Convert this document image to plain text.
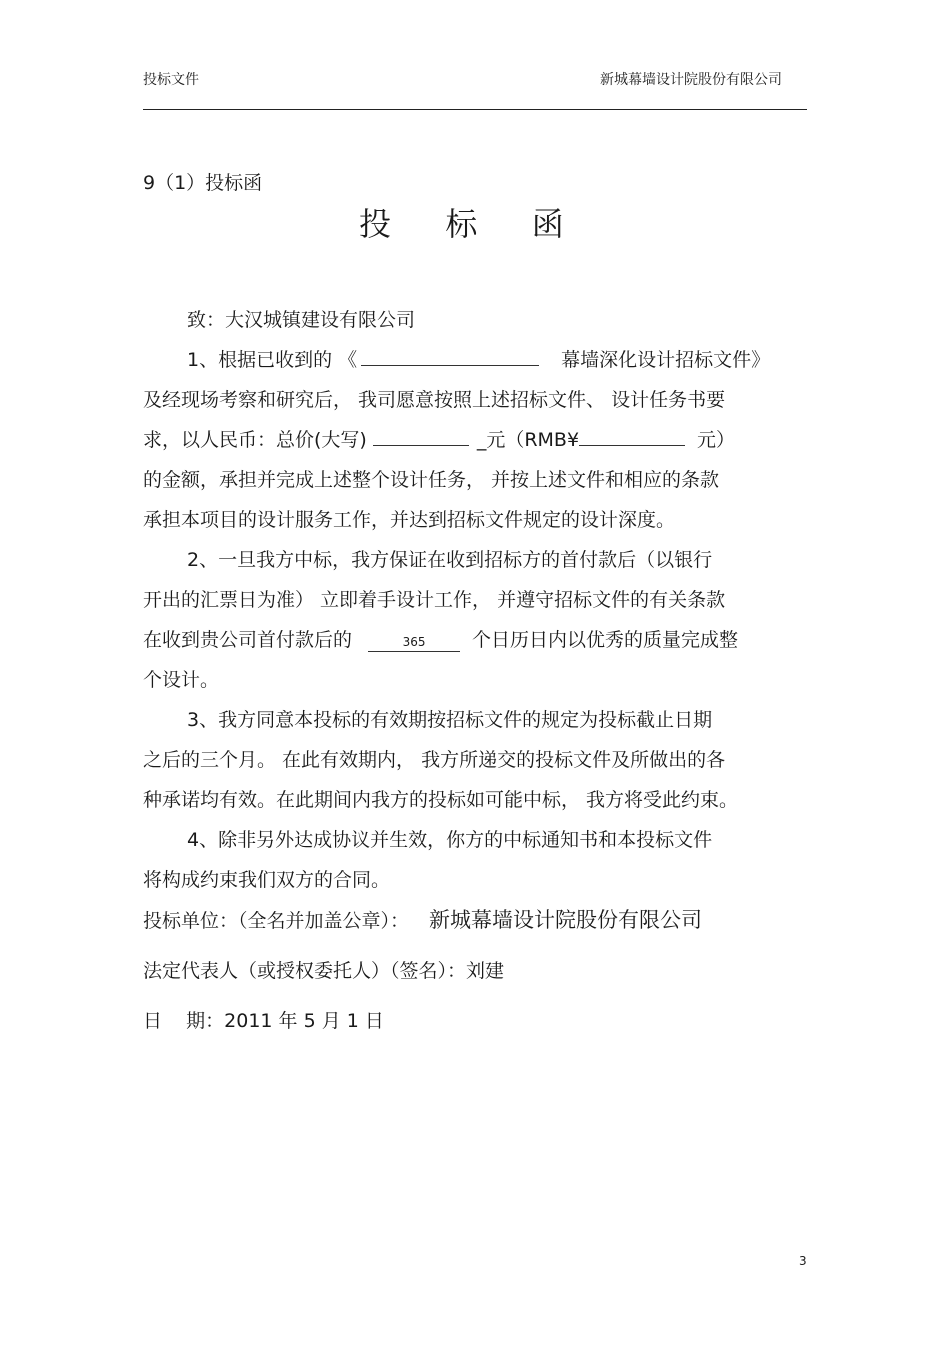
投标文件	新城幕墙设计院股份有限公司
9（1）投标函
投标函
致：大汉城镇建设有限公司
1、根据已收到的 《	幕墙深化设计招标文件》
及经现场考察和研究后， 我司愿意按照上述招标文件、 设计任务书要
求，以人民币：总价(大写)	_元（RMB¥	元）
的金额，承担并完成上述整个设计任务， 并按上述文件和相应的条款
承担本项目的设计服务工作，并达到招标文件规定的设计深度。
2、一旦我方中标，我方保证在收到招标方的首付款后（以银行
开出的汇票日为准） 立即着手设计工作， 并遵守招标文件的有关条款
在收到贵公司首付款后的	365 个日历日内以优秀的质量完成整
个设计。
3、我方同意本投标的有效期按招标文件的规定为投标截止日期
之后的三个月。 在此有效期内， 我方所递交的投标文件及所做出的各
种承诺均有效。在此期间内我方的投标如可能中标， 我方将受此约束。
4、除非另外达成协议并生效，你方的中标通知书和本投标文件
将构成约束我们双方的合同。
投标单位：（全名并加盖公章）： 新城幕墙设计院股份有限公司
法定代表人（或授权委托人）（签名）：刘建
日    期：2011 年 5 月 1 日
3
